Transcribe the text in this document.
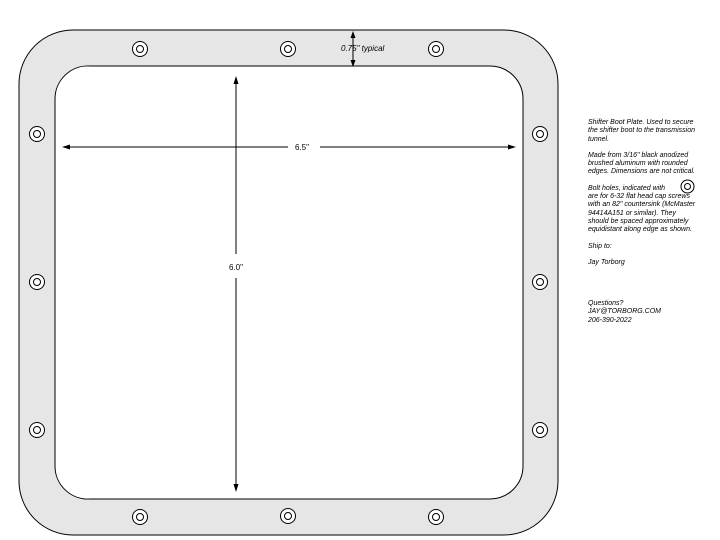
0.75" typical
6.5"
6.0"
Shifter Boot Plate. Used to secure
the shifter boot to the transmission
tunnel.
Made from 3/16" black anodized
brushed aluminum with rounded
edges. Dimensions are not critical.
Bolt holes, indicated with
are for 6-32 flat head cap screws
with an 82" countersink (McMaster
94414A151 or similar). They
should be spaced approximately
equidistant along edge as shown.
Ship to:
Jay Torborg
Questions?
JAY@TORBORG.COM
206-390-2022
